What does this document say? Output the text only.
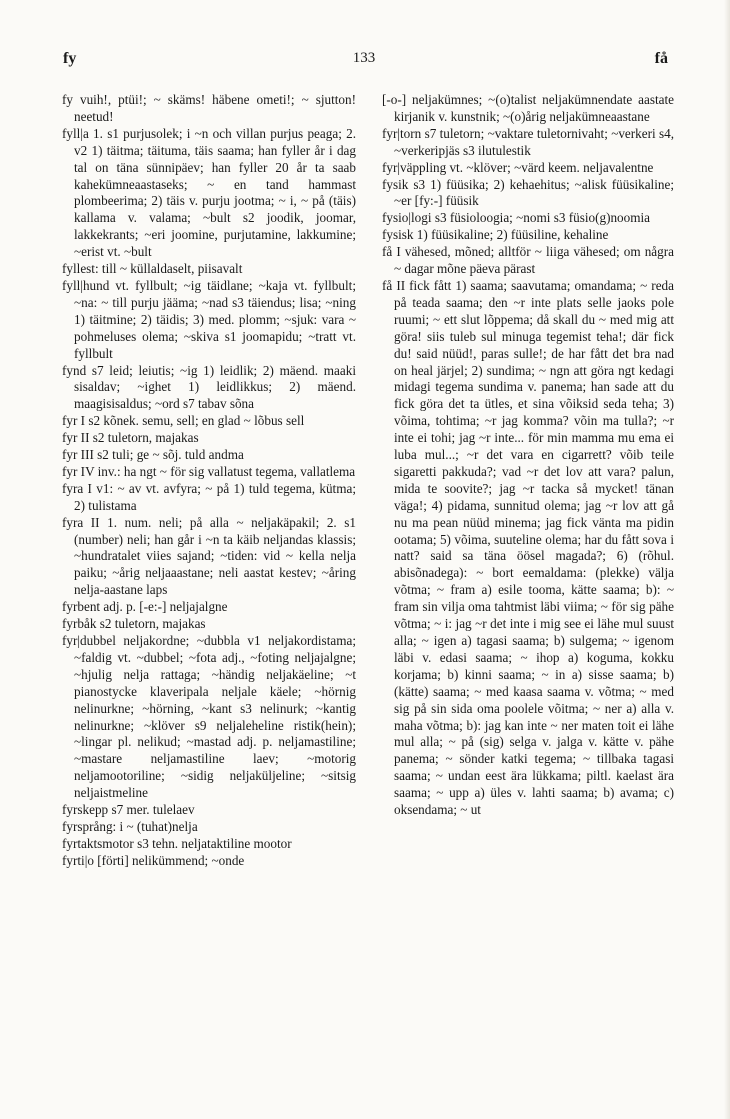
fy	133	få

fy vuih!, ptüi!; ~ skäms! häbene ometi!; ~ sjutton! neetud!

fyll|a 1. s1 purjusolek; i ~n och villan purjus peaga; 2. v2 1) täitma; täituma, täis saama; han fyller år i dag tal on täna sünnipäev; han fyller 20 år ta saab kahekümneaastaseks; ~ en tand hammast plombeerima; 2) täis v. purju jootma; ~ i, ~ på (täis) kallama v. valama; ~bult s2 joodik, joomar, lakkekrants; ~eri joomine, purjutamine, lakkumine; ~erist vt. ~bult

fyllest: till ~ küllaldaselt, piisavalt

fyll|hund vt. fyllbult; ~ig täidlane; ~kaja vt. fyllbult; ~na: ~ till purju jääma; ~nad s3 täiendus; lisa; ~ning 1) täitmine; 2) täidis; 3) med. plomm; ~sjuk: vara ~ pohmeluses olema; ~skiva s1 joomapidu; ~tratt vt. fyllbult

fynd s7 leid; leiutis; ~ig 1) leidlik; 2) mäend. maaki sisaldav; ~ighet 1) leidlikkus; 2) mäend. maagisisaldus; ~ord s7 tabav sõna

fyr I s2 kõnek. semu, sell; en glad ~ lõbus sell

fyr II s2 tuletorn, majakas

fyr III s2 tuli; ge ~ sõj. tuld andma

fyr IV inv.: ha ngt ~ för sig vallatust tegema, vallatlema

fyra I v1: ~ av vt. avfyra; ~ på 1) tuld tegema, kütma; 2) tulistama

fyra II 1. num. neli; på alla ~ neljakäpakil; 2. s1 (number) neli; han går i ~n ta käib neljandas klassis; ~hundratalet viies sajand; ~tiden: vid ~ kella nelja paiku; ~årig neljaaastane; neli aastat kestev; ~åring nelja-aastane laps

fyrbent adj. p. [-e:-] neljajalgne

fyrbåk s2 tuletorn, majakas

fyr|dubbel neljakordne; ~dubbla v1 neljakordistama; ~faldig vt. ~dubbel; ~fota adj., ~foting neljajalgne; ~hjulig nelja rattaga; ~händig neljakäeline; ~t pianostycke klaveripala neljale käele; ~hörnig nelinurkne; ~hörning, ~kant s3 nelinurk; ~kantig nelinurkne; ~klöver s9 neljaleheline ristik(hein); ~lingar pl. nelikud; ~mastad adj. p. neljamastiline; ~mastare neljamastiline laev; ~motorig neljamootoriline; ~sidig neljaküljeline; ~sitsig neljaistmeline

fyrskepp s7 mer. tulelaev

fyrsprång: i ~ (tuhat)nelja

fyrtaktsmotor s3 tehn. neljataktiline mootor

fyrti|o [förti] nelikümmend; ~onde

[-o-] neljakümnes; ~(o)talist neljakümnendate aastate kirjanik v. kunstnik; ~(o)årig neljakümneaastane

fyr|torn s7 tuletorn; ~vaktare tuletornivaht; ~verkeri s4, ~verkeripjäs s3 ilutulestik

fyr|väppling vt. ~klöver; ~värd keem. neljavalentne

fysik s3 1) füüsika; 2) kehaehitus; ~alisk füüsikaline; ~er [fy:-] füüsik

fysio|logi s3 füsioloogia; ~nomi s3 füsio(g)noomia

fysisk 1) füüsikaline; 2) füüsiline, kehaline

få I vähesed, mõned; alltför ~ liiga vähesed; om några ~ dagar mõne päeva pärast

få II fick fått 1) saama; saavutama; omandama; ~ reda på teada saama; den ~r inte plats selle jaoks pole ruumi; ~ ett slut lõppema; då skall du ~ med mig att göra! siis tuleb sul minuga tegemist teha!; där fick du! said nüüd!, paras sulle!; de har fått det bra nad on heal järjel; 2) sundima; ~ ngn att göra ngt kedagi midagi tegema sundima v. panema; han sade att du fick göra det ta ütles, et sina võiksid seda teha; 3) võima, tohtima; ~r jag komma? võin ma tulla?; ~r inte ei tohi; jag ~r inte... för min mamma mu ema ei luba mul...; ~r det vara en cigarrett? võib teile sigaretti pakkuda?; vad ~r det lov att vara? palun, mida te soovite?; jag ~r tacka så mycket! tänan väga!; 4) pidama, sunnitud olema; jag ~r lov att gå nu ma pean nüüd minema; jag fick vänta ma pidin ootama; 5) võima, suuteline olema; har du fått sova i natt? said sa täna öösel magada?; 6) (rõhul. abisõnadega): ~ bort eemaldama: (plekke) välja võtma; ~ fram a) esile tooma, kätte saama; b): ~ fram sin vilja oma tahtmist läbi viima; ~ för sig pähe võtma; ~ i: jag ~r det inte i mig see ei lähe mul suust alla; ~ igen a) tagasi saama; b) sulgema; ~ igenom läbi v. edasi saama; ~ ihop a) koguma, kokku korjama; b) kinni saama; ~ in a) sisse saama; b) (kätte) saama; ~ med kaasa saama v. võtma; ~ med sig på sin sida oma poolele võitma; ~ ner a) alla v. maha võtma; b): jag kan inte ~ ner maten toit ei lähe mul alla; ~ på (sig) selga v. jalga v. kätte v. pähe panema; ~ sönder katki tegema; ~ tillbaka tagasi saama; ~ undan eest ära lükkama; piltl. kaelast ära saama; ~ upp a) üles v. lahti saama; b) avama; c) oksendama; ~ ut
